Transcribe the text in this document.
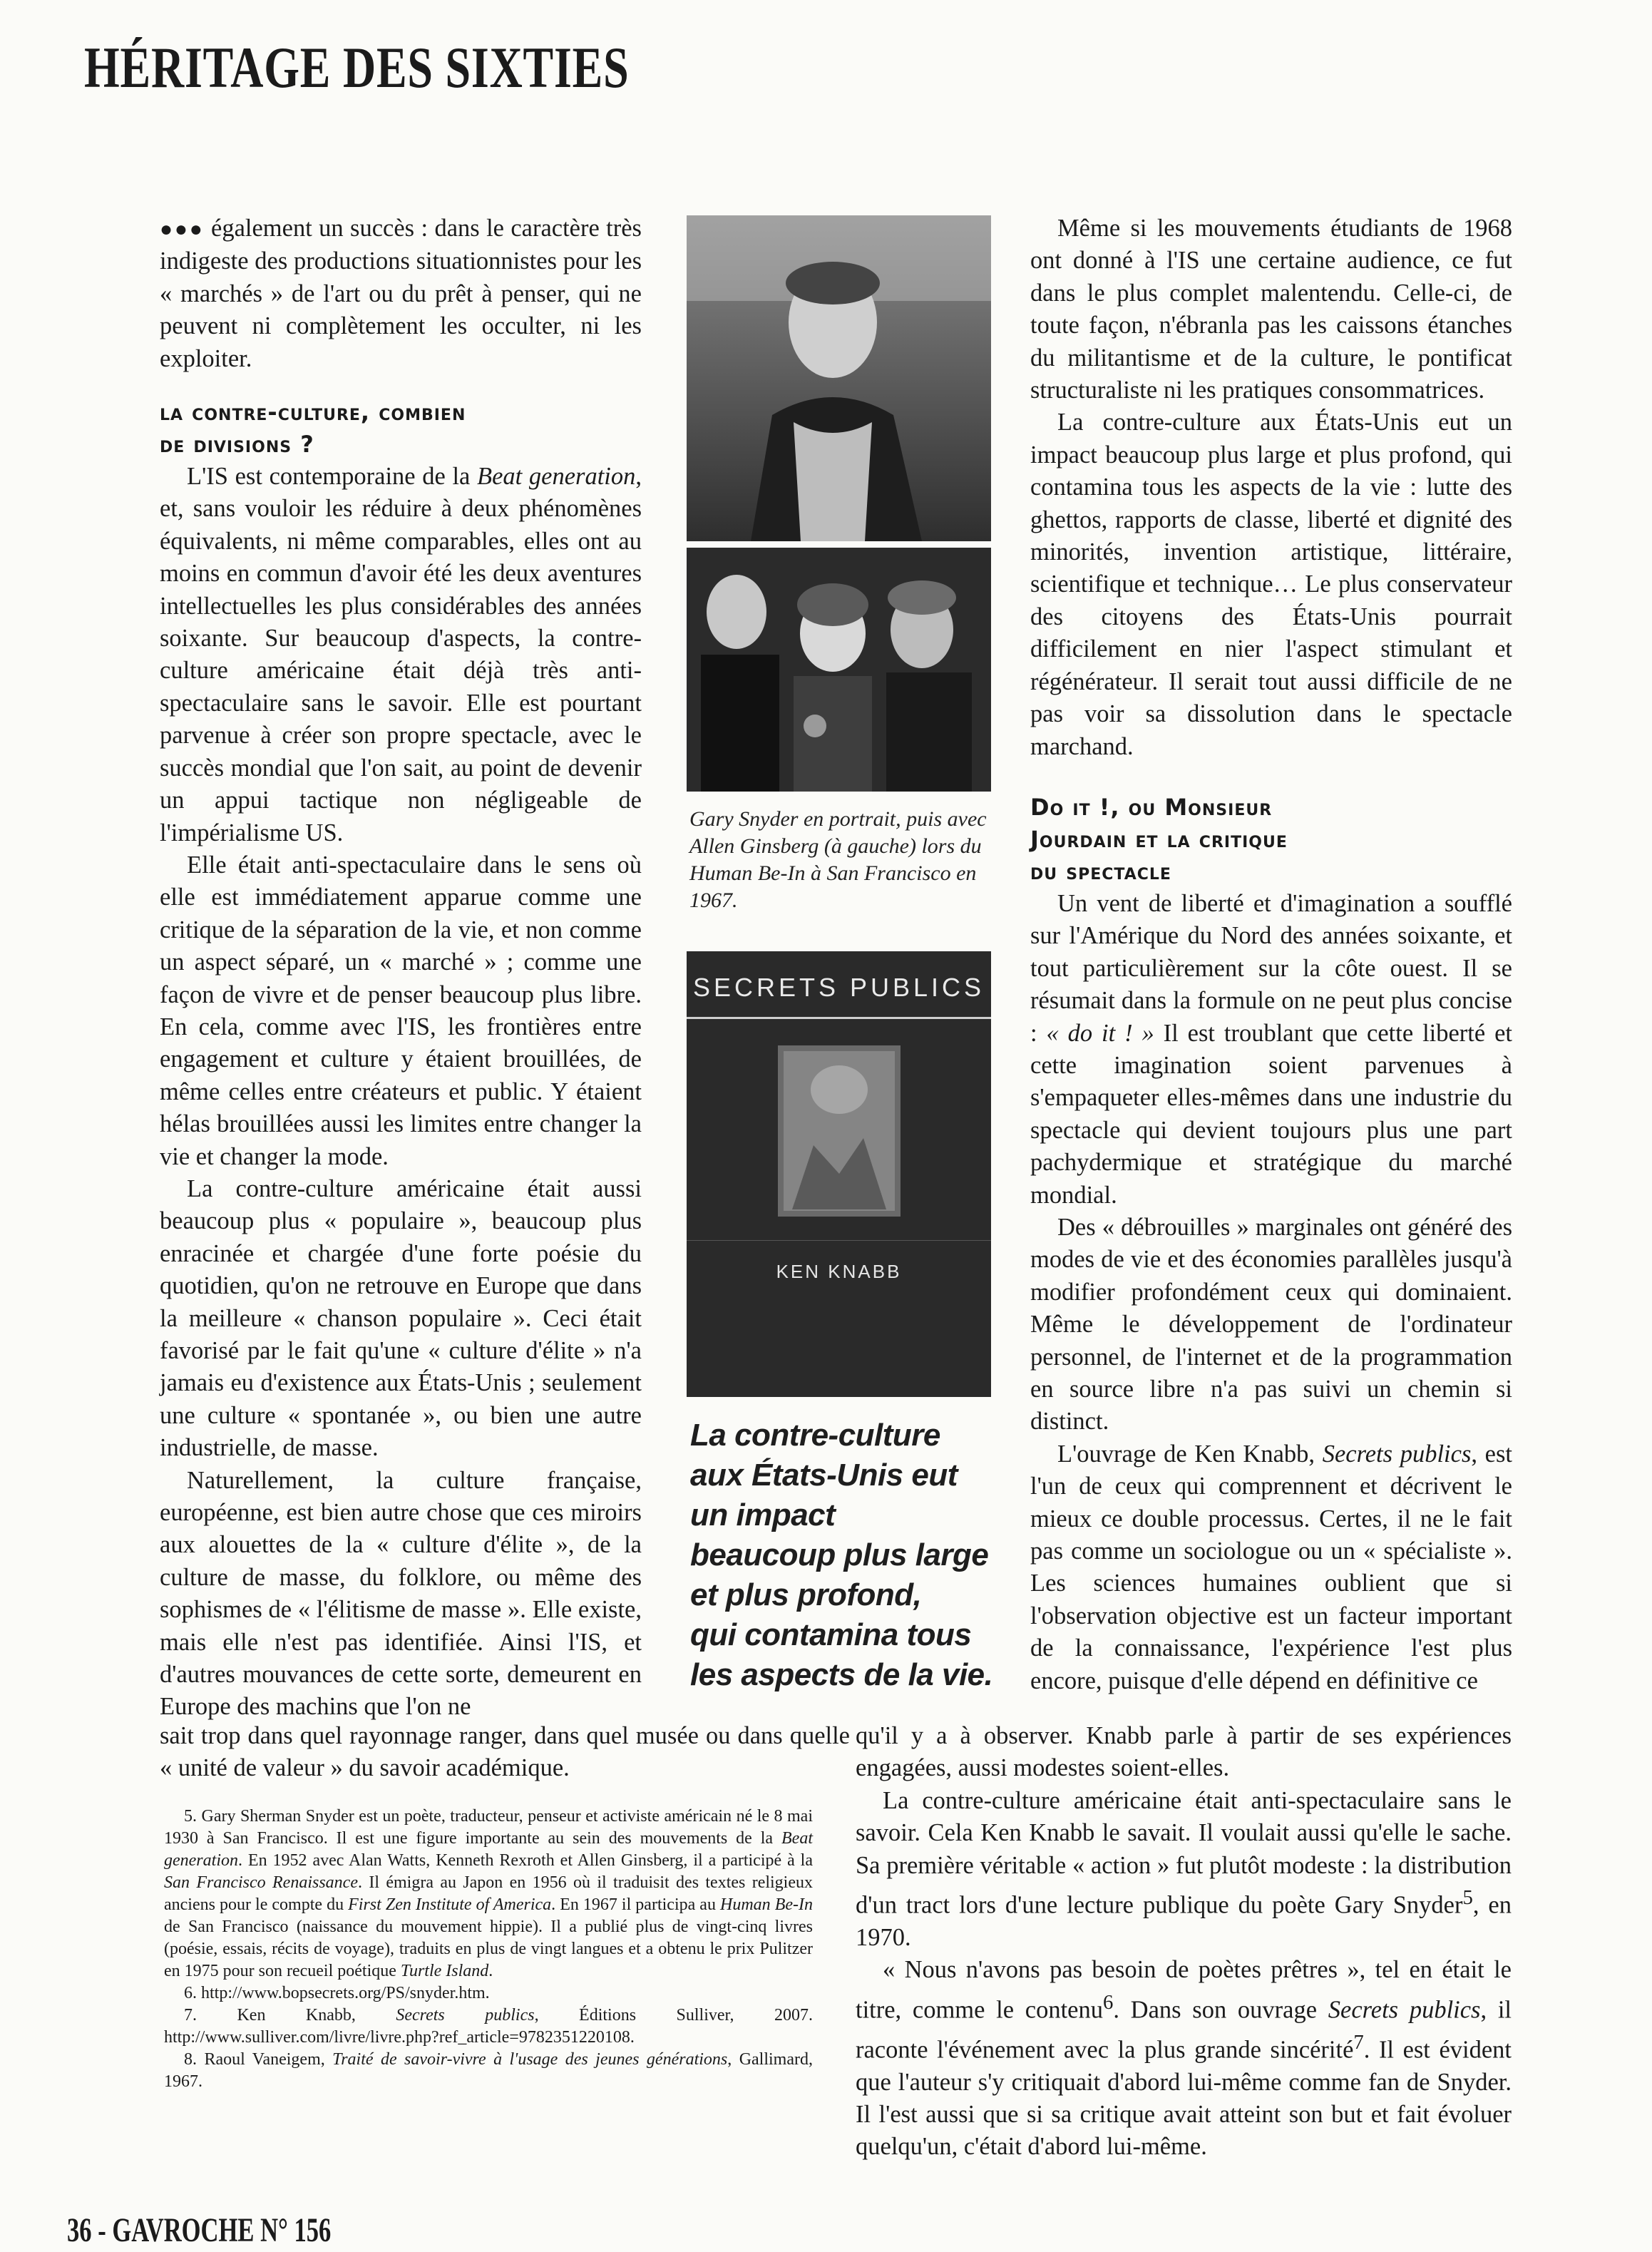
HÉRITAGE DES SIXTIES

●●● également un succès : dans le caractère très indigeste des productions situationnistes pour les « marchés » de l'art ou du prêt à penser, qui ne peuvent ni complètement les occulter, ni les exploiter.

la contre-culture, combien
de divisions ?

L'IS est contemporaine de la Beat generation, et, sans vouloir les réduire à deux phénomènes équivalents, ni même comparables, elles ont au moins en commun d'avoir été les deux aventures intellectuelles les plus considérables des années soixante. Sur beaucoup d'aspects, la contre-culture américaine était déjà très anti-spectaculaire sans le savoir. Elle est pourtant parvenue à créer son propre spectacle, avec le succès mondial que l'on sait, au point de devenir un appui tactique non négligeable de l'impérialisme US.

Elle était anti-spectaculaire dans le sens où elle est immédiatement apparue comme une critique de la séparation de la vie, et non comme un aspect séparé, un « marché » ; comme une façon de vivre et de penser beaucoup plus libre. En cela, comme avec l'IS, les frontières entre engagement et culture y étaient brouillées, de même celles entre créateurs et public. Y étaient hélas brouillées aussi les limites entre changer la vie et changer la mode.

La contre-culture américaine était aussi beaucoup plus « populaire », beaucoup plus enracinée et chargée d'une forte poésie du quotidien, qu'on ne retrouve en Europe que dans la meilleure « chanson populaire ». Ceci était favorisé par le fait qu'une « culture d'élite » n'a jamais eu d'existence aux États-Unis ; seulement une culture « spontanée », ou bien une autre industrielle, de masse.

Naturellement, la culture française, européenne, est bien autre chose que ces miroirs aux alouettes de la « culture d'élite », de la culture de masse, du folklore, ou même des sophismes de « l'élitisme de masse ». Elle existe, mais elle n'est pas identifiée. Ainsi l'IS, et d'autres mouvances de cette sorte, demeurent en Europe des machins que l'on ne

sait trop dans quel rayonnage ranger, dans quel musée ou dans quelle « unité de valeur » du savoir académique.

Gary Snyder en portrait, puis avec Allen Ginsberg (à gauche) lors du Human Be-In à San Francisco en 1967.
SECRETS PUBLICS
KEN KNABB
La contre-culture
aux États-Unis eut
un impact
beaucoup plus large
et plus profond,
qui contamina tous
les aspects de la vie.

Même si les mouvements étudiants de 1968 ont donné à l'IS une certaine audience, ce fut dans le plus complet malentendu. Celle-ci, de toute façon, n'ébranla pas les caissons étanches du militantisme et de la culture, le pontificat structuraliste ni les pratiques consommatrices.

La contre-culture aux États-Unis eut un impact beaucoup plus large et plus profond, qui contamina tous les aspects de la vie : lutte des ghettos, rapports de classe, liberté et dignité des minorités, invention artistique, littéraire, scientifique et technique… Le plus conservateur des citoyens des États-Unis pourrait difficilement en nier l'aspect stimulant et régénérateur. Il serait tout aussi difficile de ne pas voir sa dissolution dans le spectacle marchand.

Do it !, ou Monsieur
Jourdain et la critique
du spectacle

Un vent de liberté et d'imagination a soufflé sur l'Amérique du Nord des années soixante, et tout particulièrement sur la côte ouest. Il se résumait dans la formule on ne peut plus concise : « do it ! » Il est troublant que cette liberté et cette imagination soient parvenues à s'empaqueter elles-mêmes dans une industrie du spectacle qui devient toujours plus une part pachydermique et stratégique du marché mondial.

Des « débrouilles » marginales ont généré des modes de vie et des économies parallèles jusqu'à modifier profondément ceux qui dominaient. Même le développement de l'ordinateur personnel, de l'internet et de la programmation en source libre n'a pas suivi un chemin si distinct.

L'ouvrage de Ken Knabb, Secrets publics, est l'un de ceux qui comprennent et décrivent le mieux ce double processus. Certes, il ne le fait pas comme un sociologue ou un « spécialiste ». Les sciences humaines oublient que si l'observation objective est un facteur important de la connaissance, l'expérience l'est plus encore, puisque d'elle dépend en définitive ce

qu'il y a à observer. Knabb parle à partir de ses expériences engagées, aussi modestes soient-elles.

La contre-culture américaine était anti-spectaculaire sans le savoir. Cela Ken Knabb le savait. Il voulait aussi qu'elle le sache. Sa première véritable « action » fut plutôt modeste : la distribution d'un tract lors d'une lecture publique du poète Gary Snyder$^5$, en 1970.

« Nous n'avons pas besoin de poètes prêtres », tel en était le titre, comme le contenu$^6$. Dans son ouvrage Secrets publics, il raconte l'événement avec la plus grande sincérité$^7$. Il est évident que l'auteur s'y critiquait d'abord lui-même comme fan de Snyder. Il l'est aussi que si sa critique avait atteint son but et fait évoluer quelqu'un, c'était d'abord lui-même.

5. Gary Sherman Snyder est un poète, traducteur, penseur et activiste américain né le 8 mai 1930 à San Francisco. Il est une figure importante au sein des mouvements de la Beat generation. En 1952 avec Alan Watts, Kenneth Rexroth et Allen Ginsberg, il a participé à la San Francisco Renaissance. Il émigra au Japon en 1956 où il traduisit des textes religieux anciens pour le compte du First Zen Institute of America. En 1967 il participa au Human Be-In de San Francisco (naissance du mouvement hippie). Il a publié plus de vingt-cinq livres (poésie, essais, récits de voyage), traduits en plus de vingt langues et a obtenu le prix Pulitzer en 1975 pour son recueil poétique Turtle Island.

6. http://www.bopsecrets.org/PS/snyder.htm.

7. Ken Knabb, Secrets publics, Éditions Sulliver, 2007. http://www.sulliver.com/livre/livre.php?ref_article=9782351220108.

8. Raoul Vaneigem, Traité de savoir-vivre à l'usage des jeunes générations, Gallimard, 1967.

36 - GAVROCHE N° 156
